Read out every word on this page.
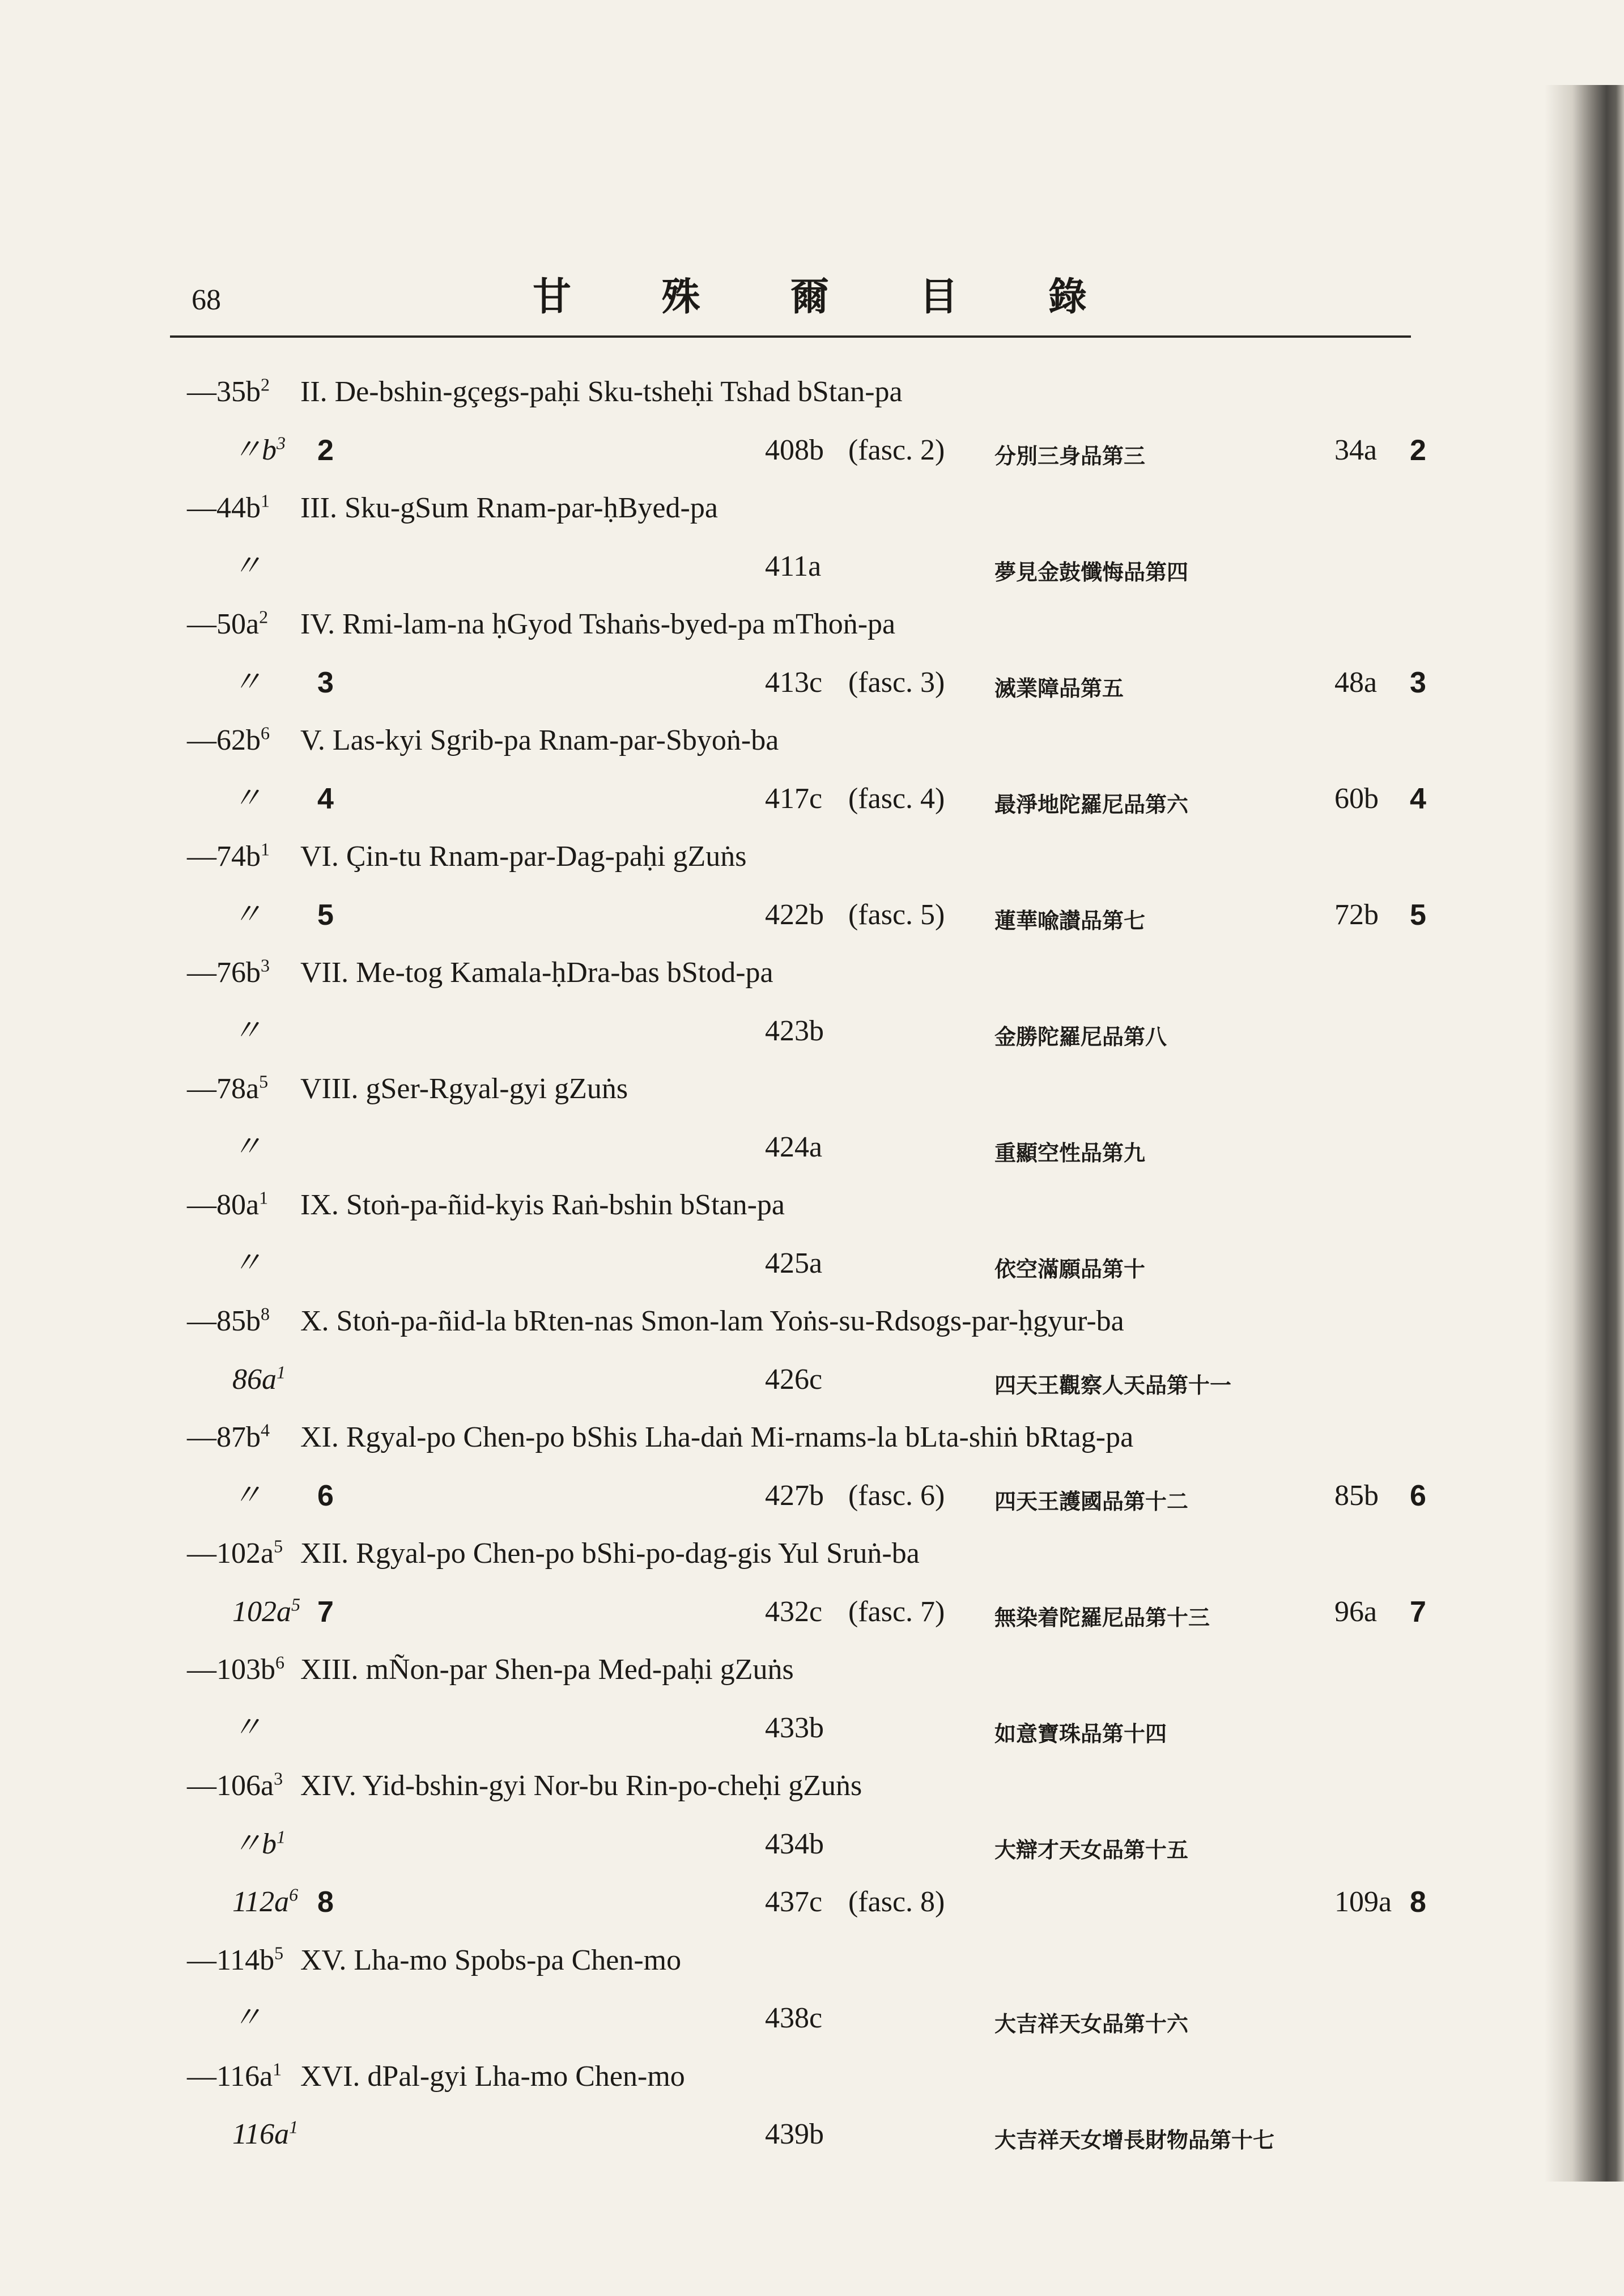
68	甘 殊 爾 目 錄
$—35b^2$ II. De-bshin-gçegs-paḥi Sku-tsheḥi Tshad bStan-pa
〃$b^3$ 2	408b (fasc. 2) 分別三身品第三	34a 2
$—44b^1$ III. Sku-gSum Rnam-par-ḥByed-pa
〃	411a	夢見金鼓懺悔品第四
$—50a^2$ IV. Rmi-lam-na ḥGyod Tshaṅs-byed-pa mThoṅ-pa
〃 3	413c (fasc. 3) 滅業障品第五	48a 3
$—62b^6$ V. Las-kyi Sgrib-pa Rnam-par-Sbyoṅ-ba
〃 4	417c (fasc. 4) 最淨地陀羅尼品第六	60b 4
$—74b^1$ VI. Çin-tu Rnam-par-Dag-paḥi gZuṅs
〃 5	422b (fasc. 5) 蓮華喩讃品第七	72b 5
$—76b^3$ VII. Me-tog Kamala-ḥDra-bas bStod-pa
〃	423b	金勝陀羅尼品第八
$—78a^5$ VIII. gSer-Rgyal-gyi gZuṅs
〃	424a	重顯空性品第九
$—80a^1$ IX. Stoṅ-pa-ñid-kyis Raṅ-bshin bStan-pa
〃	425a	依空滿願品第十
$—85b^8$ X. Stoṅ-pa-ñid-la bRten-nas Smon-lam Yoṅs-su-Rdsogs-par-ḥgyur-ba
$86a^1$	426c	四天王觀察人天品第十一
$—87b^4$ XI. Rgyal-po Chen-po bShis Lha-daṅ Mi-rnams-la bLta-shiṅ bRtag-pa
〃 6	427b (fasc. 6) 四天王護國品第十二	85b 6
$—102a^5$ XII. Rgyal-po Chen-po bShi-po-dag-gis Yul Sruṅ-ba
$102a^5$ 7	432c (fasc. 7) 無染着陀羅尼品第十三	96a 7
$—103b^6$ XIII. mÑon-par Shen-pa Med-paḥi gZuṅs
〃	433b	如意寶珠品第十四
$—106a^3$ XIV. Yid-bshin-gyi Nor-bu Rin-po-cheḥi gZuṅs
〃$b^1$	434b	大辯才天女品第十五
$112a^6$ 8	437c (fasc. 8)	109a 8
$—114b^5$ XV. Lha-mo Spobs-pa Chen-mo
〃	438c	大吉祥天女品第十六
$—116a^1$ XVI. dPal-gyi Lha-mo Chen-mo
$116a^1$	439b	大吉祥天女增長財物品第十七
